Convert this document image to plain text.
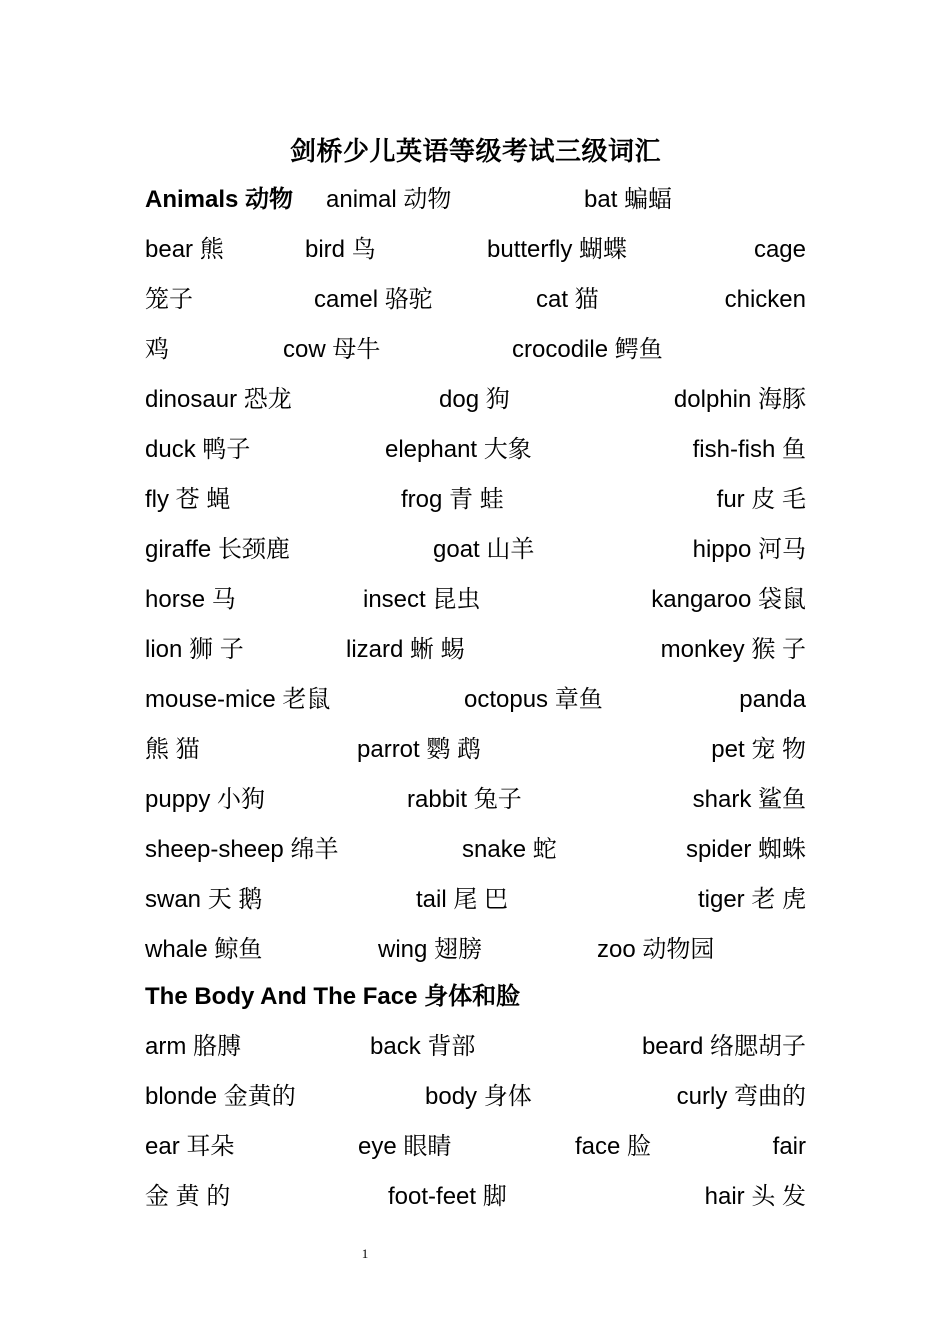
剑桥少儿英语等级考试三级词汇
Animals 动物 animal 动物	bat 蝙蝠
bear 熊	bird 鸟	butterfly 蝴蝶	cage
笼子	camel 骆驼	cat 猫	chicken
鸡	cow 母牛	crocodile 鳄鱼
dinosaur 恐龙	dog 狗	dolphin 海豚
duck 鸭子	elephant 大象	fish-fish 鱼
fly 苍 蝇	frog 青 蛙	fur 皮 毛
giraffe 长颈鹿	goat 山羊	hippo 河马
horse 马	insect 昆虫	kangaroo 袋鼠
lion 狮 子	lizard 蜥 蜴	monkey 猴 子
mouse-mice 老鼠	octopus 章鱼	panda
熊 猫	parrot 鹦 鹉	pet 宠 物
puppy 小狗	rabbit 兔子	shark 鲨鱼
sheep-sheep 绵羊	snake 蛇	spider 蜘蛛
swan 天 鹅	tail 尾 巴	tiger 老 虎
whale 鲸鱼	wing 翅膀	zoo 动物园
The Body And The Face 身体和脸
arm 胳膊	back 背部	beard 络腮胡子
blonde 金黄的	body 身体	curly 弯曲的
ear 耳朵	eye 眼睛	face 脸	fair
金 黄 的	foot-feet 脚	hair 头 发
1
